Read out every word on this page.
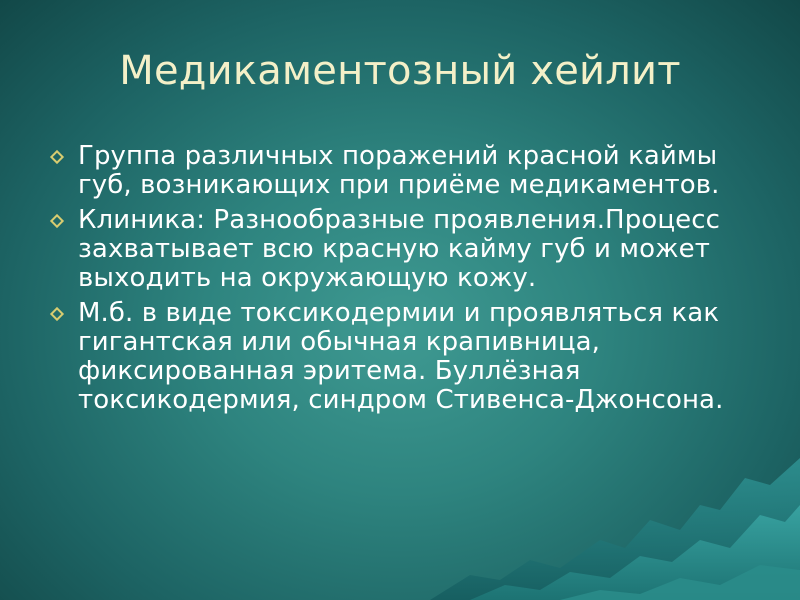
Медикаментозный хейлит
Группа различных поражений красной каймы губ, возникающих при приёме медикаментов.
Клиника: Разнообразные проявления.Процесс захватывает всю красную кайму губ и может выходить на окружающую кожу.
М.б. в виде токсикодермии и проявляться как гигантская или обычная крапивница, фиксированная эритема. Буллёзная токсикодермия, синдром Стивенса-Джонсона.
